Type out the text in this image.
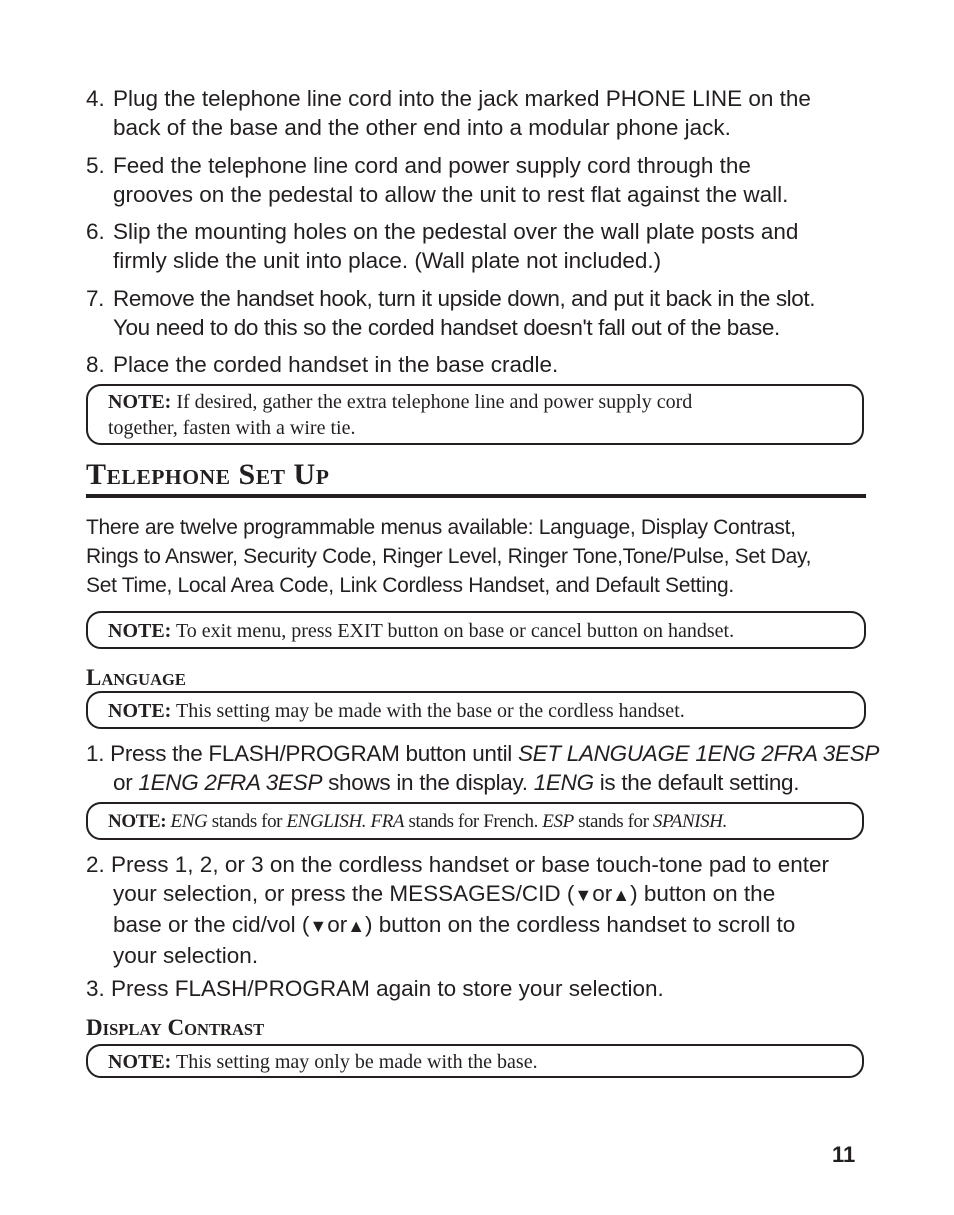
4. Plug the telephone line cord into the jack marked PHONE LINE on the
back of the base and the other end into a modular phone jack.
5. Feed the telephone line cord and power supply cord through the
grooves on the pedestal to allow the unit to rest flat against the wall.
6. Slip the mounting holes on the pedestal over the wall plate posts and
firmly slide the unit into place. (Wall plate not included.)
7. Remove the handset hook, turn it upside down, and put it back in the slot.
You need to do this so the corded handset doesn't fall out of the base.
8. Place the corded handset in the base cradle.
NOTE: If desired, gather the extra telephone line and power supply cord
together, fasten with a wire tie.
TELEPHONE SET UP
There are twelve programmable menus available: Language, Display Contrast,
Rings to Answer, Security Code, Ringer Level, Ringer Tone,Tone/Pulse, Set Day,
Set Time, Local Area Code, Link Cordless Handset, and Default Setting.
NOTE: To exit menu, press EXIT button on base or cancel button on handset.
LANGUAGE
NOTE: This setting may be made with the base or the cordless handset.
1. Press the FLASH/PROGRAM button until SET LANGUAGE 1ENG 2FRA 3ESP
or 1ENG 2FRA 3ESP shows in the display. 1ENG is the default setting.
NOTE: ENG stands for ENGLISH. FRA stands for French. ESP stands for SPANISH.
2. Press 1, 2, or 3 on the cordless handset or base touch-tone pad to enter
your selection, or press the MESSAGES/CID (▼or▲) button on the
base or the cid/vol (▼or▲) button on the cordless handset to scroll to
your selection.
3. Press FLASH/PROGRAM again to store your selection.
DISPLAY CONTRAST
NOTE: This setting may only be made with the base.
11
